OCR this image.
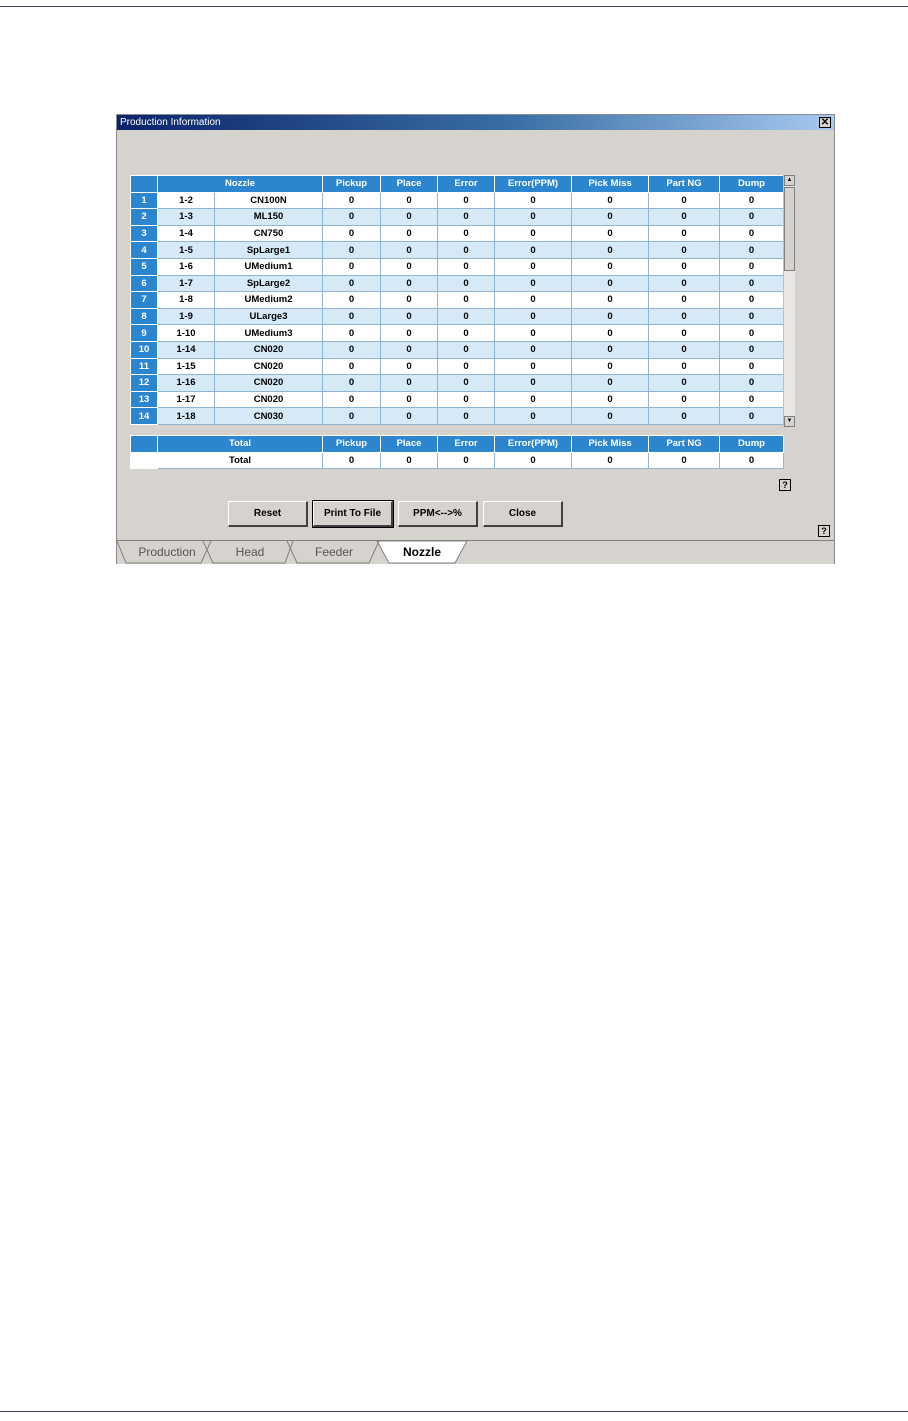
Production Information	✕
	Nozzle		Pickup	Place	Error	Error(PPM)	Pick Miss	Part NG	Dump
1	1-2	CN100N	0	0	0	0	0	0	0
2	1-3	ML150	0	0	0	0	0	0	0
3	1-4	CN750	0	0	0	0	0	0	0
4	1-5	SpLarge1	0	0	0	0	0	0	0
5	1-6	UMedium1	0	0	0	0	0	0	0
6	1-7	SpLarge2	0	0	0	0	0	0	0
7	1-8	UMedium2	0	0	0	0	0	0	0
8	1-9	ULarge3	0	0	0	0	0	0	0
9	1-10	UMedium3	0	0	0	0	0	0	0
10	1-14	CN020	0	0	0	0	0	0	0
11	1-15	CN020	0	0	0	0	0	0	0
12	1-16	CN020	0	0	0	0	0	0	0
13	1-17	CN020	0	0	0	0	0	0	0
14	1-18	CN030	0	0	0	0	0	0	0
▲
▼
	Total	Pickup	Place	Error	Error(PPM)	Pick Miss	Part NG	Dump
	Total	0	0	0	0	0	0	0
?
Reset	Print To File	PPM<-->%	Close
?
Production	Head	Feeder	Nozzle
